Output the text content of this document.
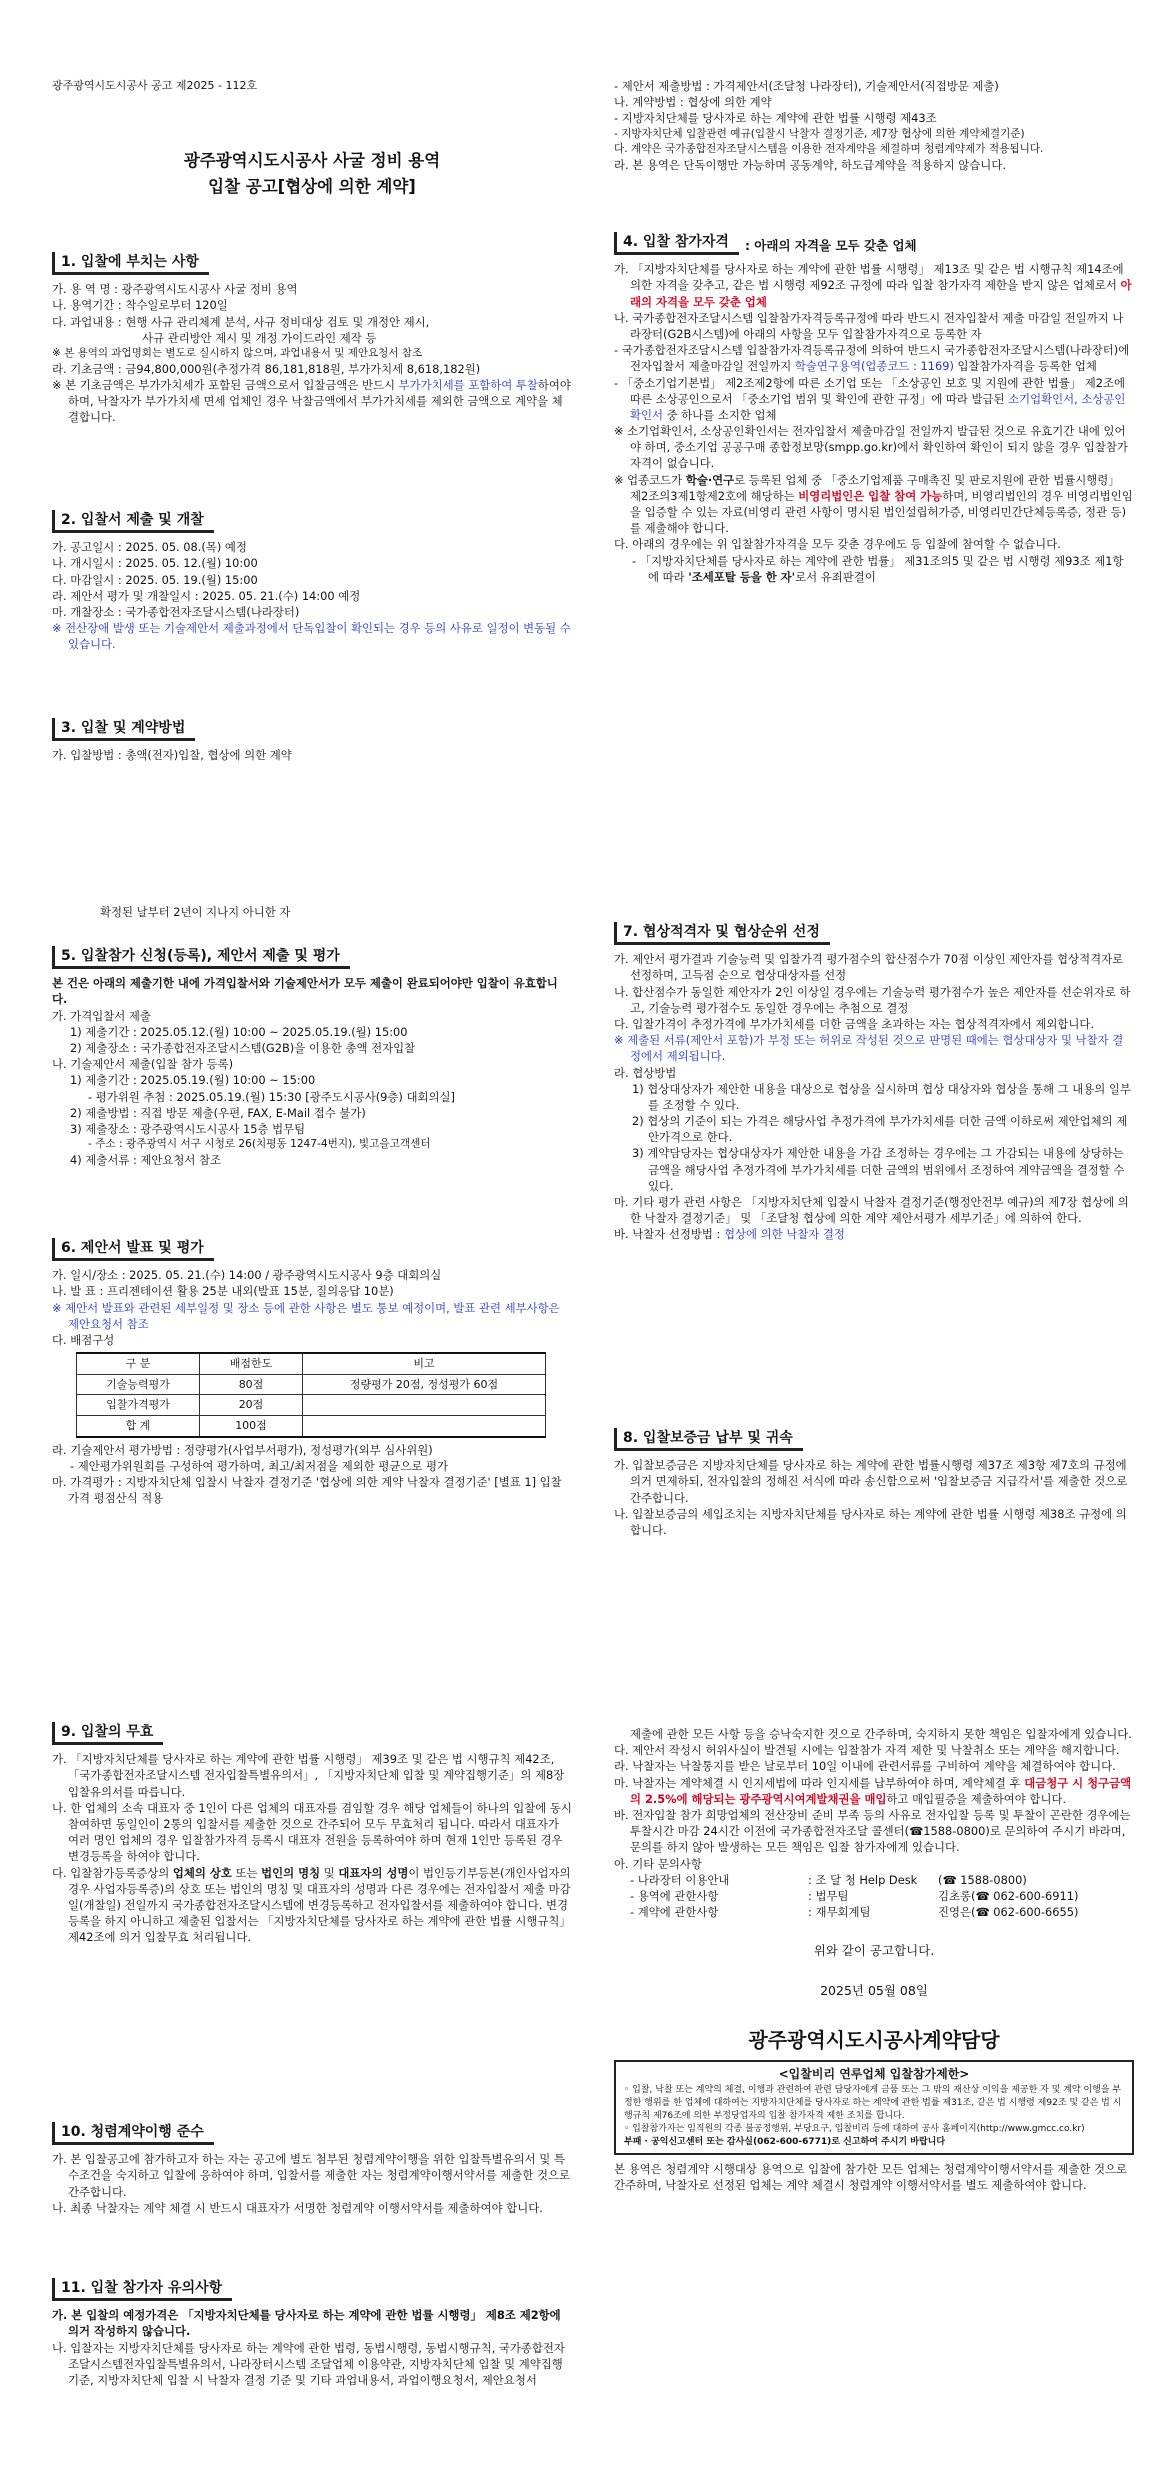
광주광역시도시공사 공고 제2025 - 112호
광주광역시도시공사 사굴 정비 용역
입찰 공고[협상에 의한 계약]
1. 입찰에 부치는 사항

가. 용 역 명 : 광주광역시도시공사 사굴 정비 용역

나. 용역기간 : 착수일로부터 120일

다. 과업내용 : 현행 사규 관리체계 분석, 사규 정비대상 검토 및 개정안 제시,

사규 관리방안 제시 및 개정 가이드라인 제작 등

※ 본 용역의 과업명회는 별도로 실시하지 않으며, 과업내용서 및 제안요청서 참조

라. 기초금액 : 금94,800,000원(추정가격 86,181,818원, 부가가치세 8,618,182원)

※ 본 기초금액은 부가가치세가 포함된 금액으로서 입찰금액은 반드시 부가가치세를 포함하여 투찰하여야 하며, 낙찰자가 부가가치세 면세 업체인 경우 낙찰금액에서 부가가치세를 제외한 금액으로 계약을 체결합니다.

2. 입찰서 제출 및 개찰

가. 공고일시 : 2025. 05. 08.(목) 예정

나. 개시일시 : 2025. 05. 12.(월) 10:00

다. 마감일시 : 2025. 05. 19.(월) 15:00

라. 제안서 평가 및 개찰일시 : 2025. 05. 21.(수) 14:00 예정

마. 개찰장소 : 국가종합전자조달시스템(나라장터)

※ 전산장애 발생 또는 기술제안서 제출과정에서 단독입찰이 확인되는 경우 등의 사유로 일정이 변동될 수 있습니다.

3. 입찰 및 계약방법

가. 입찰방법 : 총액(전자)입찰, 협상에 의한 계약

- 제안서 제출방법 : 가격제안서(조달청 나라장터), 기술제안서(직접방문 제출)

나. 계약방법 : 협상에 의한 계약

- 지방자치단체를 당사자로 하는 계약에 관한 법률 시행령 제43조

- 지방자치단체 입찰관련 예규(입찰시 낙찰자 결정기준, 제7장 협상에 의한 계약체결기준)

다. 계약은 국가종합전자조달시스템을 이용한 전자계약을 체결하며 청렴계약제가 적용됩니다.

라. 본 용역은 단독이행만 가능하며 공동계약, 하도급계약을 적용하지 않습니다.

4. 입찰 참가자격	: 아래의 자격을 모두 갖춘 업체

가. 「지방자치단체를 당사자로 하는 계약에 관한 법률 시행령」 제13조 및 같은 법 시행규칙 제14조에 의한 자격을 갖추고, 같은 법 시행령 제92조 규정에 따라 입찰 참가자격 제한을 받지 않은 업체로서 아래의 자격을 모두 갖춘 업체

나. 국가종합전자조달시스템 입찰참가자격등록규정에 따라 반드시 전자입찰서 제출 마감일 전일까지 나라장터(G2B시스템)에 아래의 사항을 모두 입찰참가자격으로 등록한 자

- 국가종합전자조달시스템 입찰참가자격등록규정에 의하여 반드시 국가종합전자조달시스템(나라장터)에 전자입찰서 제출마감일 전일까지 학술연구용역(업종코드 : 1169) 입찰참가자격을 등록한 업체

- 「중소기업기본법」 제2조제2항에 따른 소기업 또는 「소상공인 보호 및 지원에 관한 법률」 제2조에 따른 소상공인으로서 「중소기업 범위 및 확인에 관한 규정」에 따라 발급된 소기업확인서, 소상공인확인서 중 하나를 소지한 업체

※ 소기업확인서, 소상공인확인서는 전자입찰서 제출마감일 전일까지 발급된 것으로 유효기간 내에 있어야 하며, 중소기업 공공구매 종합정보망(smpp.go.kr)에서 확인하여 확인이 되지 않을 경우 입찰참가 자격이 없습니다.

※ 업종코드가 학술·연구로 등록된 업체 중 「중소기업제품 구매촉진 및 판로지원에 관한 법률시행령」 제2조의3제1항제2호에 해당하는 비영리법인은 입찰 참여 가능하며, 비영리법인의 경우 비영리법인임을 입증할 수 있는 자료(비영리 관련 사항이 명시된 법인설립허가증, 비영리민간단체등록증, 정관 등)를 제출해야 합니다.

다. 아래의 경우에는 위 입찰참가자격을 모두 갖춘 경우에도 등 입찰에 참여할 수 없습니다.

- 「지방자치단체를 당사자로 하는 계약에 관한 법률」 제31조의5 및 같은 법 시행령 제93조 제1항에 따라 '조세포탈 등을 한 자'로서 유죄판결이

확정된 날부터 2년이 지나지 아니한 자
5. 입찰참가 신청(등록), 제안서 제출 및 평가

본 건은 아래의 제출기한 내에 가격입찰서와 기술제안서가 모두 제출이 완료되어야만 입찰이 유효합니다.

가. 가격입찰서 제출

1) 제출기간 : 2025.05.12.(월) 10:00 ~ 2025.05.19.(월) 15:00

2) 제출장소 : 국가종합전자조달시스템(G2B)을 이용한 총액 전자입찰

나. 기술제안서 제출(입찰 참가 등록)

1) 제출기간 : 2025.05.19.(월) 10:00 ~ 15:00

- 평가위원 추첨 : 2025.05.19.(월) 15:30 [광주도시공사(9층) 대회의실]

2) 제출방법 : 직접 방문 제출(우편, FAX, E-Mail 접수 불가)

3) 제출장소 : 광주광역시도시공사 15층 법무팀

- 주소 : 광주광역시 서구 시청로 26(치평동 1247-4번지), 빛고을고객센터

4) 제출서류 : 제안요청서 참조

6. 제안서 발표 및 평가

가. 일시/장소 : 2025. 05. 21.(수) 14:00 / 광주광역시도시공사 9층 대회의실

나. 발 표 : 프리젠테이션 활용 25분 내외(발표 15분, 질의응답 10분)

※ 제안서 발표와 관련된 세부일정 및 장소 등에 관한 사항은 별도 통보 예정이며, 발표 관련 세부사항은 제안요청서 참조

다. 배점구성

구 분	배점한도	비고
기술능력평가	80점	정량평가 20점, 정성평가 60점
입찰가격평가	20점	
합 계	100점	

라. 기술제안서 평가방법 : 정량평가(사업부서평가), 정성평가(외부 심사위원)

- 제안평가위원회를 구성하여 평가하며, 최고/최저점을 제외한 평균으로 평가

마. 가격평가 : 지방자치단체 입찰시 낙찰자 결정기준 '협상에 의한 계약 낙찰자 결정기준' [별표 1] 입찰가격 평점산식 적용

7. 협상적격자 및 협상순위 선정

가. 제안서 평가결과 기술능력 및 입찰가격 평가점수의 합산점수가 70점 이상인 제안자를 협상적격자로 선정하며, 고득점 순으로 협상대상자를 선정

나. 합산점수가 동일한 제안자가 2인 이상일 경우에는 기술능력 평가점수가 높은 제안자를 선순위자로 하고, 기술능력 평가점수도 동일한 경우에는 추첨으로 결정

다. 입찰가격이 추정가격에 부가가치세를 더한 금액을 초과하는 자는 협상적격자에서 제외합니다.

※ 제출된 서류(제안서 포함)가 부정 또는 허위로 작성된 것으로 판명된 때에는 협상대상자 및 낙찰자 결정에서 제외됩니다.

라. 협상방법

1) 협상대상자가 제안한 내용을 대상으로 협상을 실시하며 협상 대상자와 협상을 통해 그 내용의 일부를 조정할 수 있다.

2) 협상의 기준이 되는 가격은 해당사업 추정가격에 부가가치세를 더한 금액 이하로써 제안업체의 제안가격으로 한다.

3) 계약담당자는 협상대상자가 제안한 내용을 가감 조정하는 경우에는 그 가감되는 내용에 상당하는 금액을 해당사업 추정가격에 부가가치세를 더한 금액의 범위에서 조정하여 계약금액을 결정할 수 있다.

마. 기타 평가 관련 사항은 「지방자치단체 입찰시 낙찰자 결정기준(행정안전부 예규)의 제7장 협상에 의한 낙찰자 결정기준」 및 「조달청 협상에 의한 계약 제안서평가 세부기준」에 의하여 한다.

바. 낙찰자 선정방법 : 협상에 의한 낙찰자 결정

8. 입찰보증금 납부 및 귀속

가. 입찰보증금은 지방자치단체를 당사자로 하는 계약에 관한 법률시행령 제37조 제3항 제7호의 규정에 의거 면제하되, 전자입찰의 정해진 서식에 따라 송신함으로써 '입찰보증금 지급각서'를 제출한 것으로 간주합니다.

나. 입찰보증금의 세입조치는 지방자치단체를 당사자로 하는 계약에 관한 법률 시행령 제38조 규정에 의합니다.

9. 입찰의 무효

가. 「지방자치단체를 당사자로 하는 계약에 관한 법률 시행령」 제39조 및 같은 법 시행규칙 제42조, 「국가종합전자조달시스템 전자입찰특별유의서」, 「지방자치단체 입찰 및 계약집행기준」의 제8장 입찰유의서를 따릅니다.

나. 한 업체의 소속 대표자 중 1인이 다른 업체의 대표자를 겸임할 경우 해당 업체들이 하나의 입찰에 동시 참여하면 동일인이 2통의 입찰서를 제출한 것으로 간주되어 모두 무효처리 됩니다. 따라서 대표자가 여러 명인 업체의 경우 입찰참가자격 등록시 대표자 전원을 등록하여야 하며 현재 1인만 등록된 경우 변경등록을 하여야 합니다.

다. 입찰참가등록증상의 업체의 상호 또는 법인의 명칭 및 대표자의 성명이 법인등기부등본(개인사업자의 경우 사업자등록증)의 상호 또는 법인의 명칭 및 대표자의 성명과 다른 경우에는 전자입찰서 제출 마감일(개찰일) 전일까지 국가종합전자조달시스템에 변경등록하고 전자입찰서를 제출하여야 합니다. 변경 등록을 하지 아니하고 제출된 입찰서는 「지방자치단체를 당사자로 하는 계약에 관한 법률 시행규칙」 제42조에 의거 입찰무효 처리됩니다.

10. 청렴계약이행 준수

가. 본 입찰공고에 참가하고자 하는 자는 공고에 별도 첨부된 청렴계약이행을 위한 입찰특별유의서 및 특수조건을 숙지하고 입찰에 응하여야 하며, 입찰서를 제출한 자는 청렴계약이행서약서를 제출한 것으로 간주합니다.

나. 최종 낙찰자는 계약 체결 시 반드시 대표자가 서명한 청렴계약 이행서약서를 제출하여야 합니다.

11. 입찰 참가자 유의사항

가. 본 입찰의 예정가격은 「지방자치단체를 당사자로 하는 계약에 관한 법률 시행령」 제8조 제2항에 의거 작성하지 않습니다.

나. 입찰자는 지방자치단체를 당사자로 하는 계약에 관한 법령, 동법시행령, 동법시행규칙, 국가종합전자조달시스템전자입찰특별유의서, 나라장터시스템 조달업체 이용약관, 지방자치단체 입찰 및 계약집행기준, 지방자치단체 입찰 시 낙찰자 결정 기준 및 기타 과업내용서, 과업이행요청서, 제안요청서

제출에 관한 모든 사항 등을 승낙숙지한 것으로 간주하며, 숙지하지 못한 책임은 입찰자에게 있습니다.

다. 제안서 작성시 허위사실이 발견될 시에는 입찰참가 자격 제한 및 낙찰취소 또는 계약을 해지합니다.

라. 낙찰자는 낙찰통지를 받은 날로부터 10일 이내에 관련서류를 구비하여 계약을 체결하여야 합니다.

마. 낙찰자는 계약체결 시 인지세법에 따라 인지세를 납부하여야 하며, 계약체결 후 대금청구 시 청구금액의 2.5%에 해당되는 광주광역시여계발채권을 매입하고 매입필증을 제출하여야 합니다.

바. 전자입찰 참가 희망업체의 전산장비 준비 부족 등의 사유로 전자입찰 등록 및 투찰이 곤란한 경우에는 투찰시간 마감 24시간 이전에 국가종합전자조달 콜센터(☎1588-0800)로 문의하여 주시기 바라며, 문의를 하지 않아 발생하는 모든 책임은 입찰 참가자에게 있습니다.

아. 기타 문의사항

- 나라장터 이용안내	: 조 달 청 Help Desk	(☎ 1588-0800)
- 용역에 관한사항	: 법무팀	김초롱(☎ 062-600-6911)
- 계약에 관한사항	: 재무회계팀	진영은(☎ 062-600-6655)
위와 같이 공고합니다.
2025년 05월 08일
광주광역시도시공사계약담당
<입찰비리 연루업체 입찰참가제한>
◦ 입찰, 낙찰 또는 계약의 체결, 이행과 관련하여 관련 담당자에게 금품 또는 그 밖의 재산상 이익을 제공한 자 및 계약 이행을 부정한 행위를 한 업체에 대하여는 지방자치단체를 당사자로 하는 계약에 관한 법률 제31조, 같은 법 시행령 제92조 및 같은 법 시행규칙 제76조에 의한 부정당업자의 입찰 참가자격 제한 조치를 합니다.
◦ 입찰참가자는 임직원의 각종 불공정행위, 부당요구, 입찰비리 등에 대하여 공사 홈페이지(http://www.gmcc.co.kr)
부패 · 공익신고센터 또는 감사실(062-600-6771)로 신고하여 주시기 바랍니다

본 용역은 청렴계약 시행대상 용역으로 입찰에 참가한 모든 업체는 청렴계약이행서약서를 제출한 것으로 간주하며, 낙찰자로 선정된 업체는 계약 체결시 청렴계약 이행서약서를 별도 제출하여야 합니다.
